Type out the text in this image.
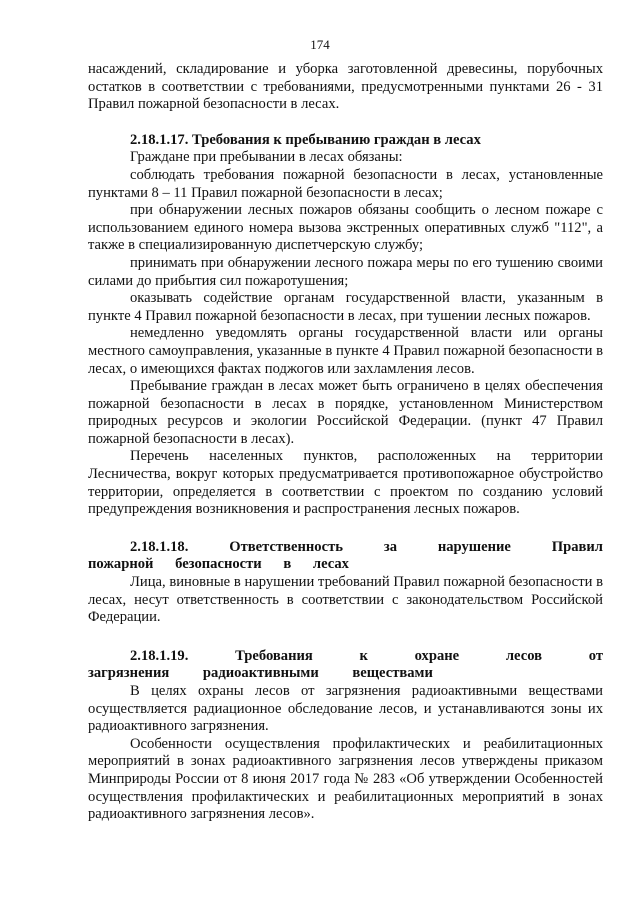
174

насаждений, складирование и уборка заготовленной древесины, порубочных остатков в соответствии с требованиями, предусмотренными пунктами 26 - 31 Правил пожарной безопасности в лесах.

2.18.1.17. Требования к пребыванию граждан в лесах

Граждане при пребывании в лесах обязаны:

соблюдать требования пожарной безопасности в лесах, установленные пунктами 8 – 11 Правил пожарной безопасности в лесах;

при обнаружении лесных пожаров обязаны сообщить о лесном пожаре с использованием единого номера вызова экстренных оперативных служб "112", а также в специализированную диспетчерскую службу;

принимать при обнаружении лесного пожара меры по его тушению своими силами до прибытия сил пожаротушения;

оказывать содействие органам государственной власти, указанным в пункте 4 Правил пожарной безопасности в лесах, при тушении лесных пожаров.

немедленно уведомлять органы государственной власти или органы местного самоуправления, указанные в пункте 4 Правил пожарной безопасности в лесах, о имеющихся фактах поджогов или захламления лесов.

Пребывание граждан в лесах может быть ограничено в целях обеспечения пожарной безопасности в лесах в порядке, установленном Министерством природных ресурсов и экологии Российской Федерации. (пункт 47 Правил пожарной безопасности в лесах).

Перечень населенных пунктов, расположенных на территории Лесничества, вокруг которых предусматривается противопожарное обустройство территории, определяется в соответствии с проектом по созданию условий предупреждения возникновения и распространения лесных пожаров.

2.18.1.18. Ответственность за нарушение Правил пожарной безопасности в лесах

Лица, виновные в нарушении требований Правил пожарной безопасности в лесах, несут ответственность в соответствии с законодательством Российской Федерации.

2.18.1.19. Требования к охране лесов от загрязнения радиоактивными веществами

В целях охраны лесов от загрязнения радиоактивными веществами осуществляется радиационное обследование лесов, и устанавливаются зоны их радиоактивного загрязнения.

Особенности осуществления профилактических и реабилитационных мероприятий в зонах радиоактивного загрязнения лесов утверждены приказом Минприроды России от 8 июня 2017 года № 283 «Об утверждении Особенностей осуществления профилактических и реабилитационных мероприятий в зонах радиоактивного загрязнения лесов».
